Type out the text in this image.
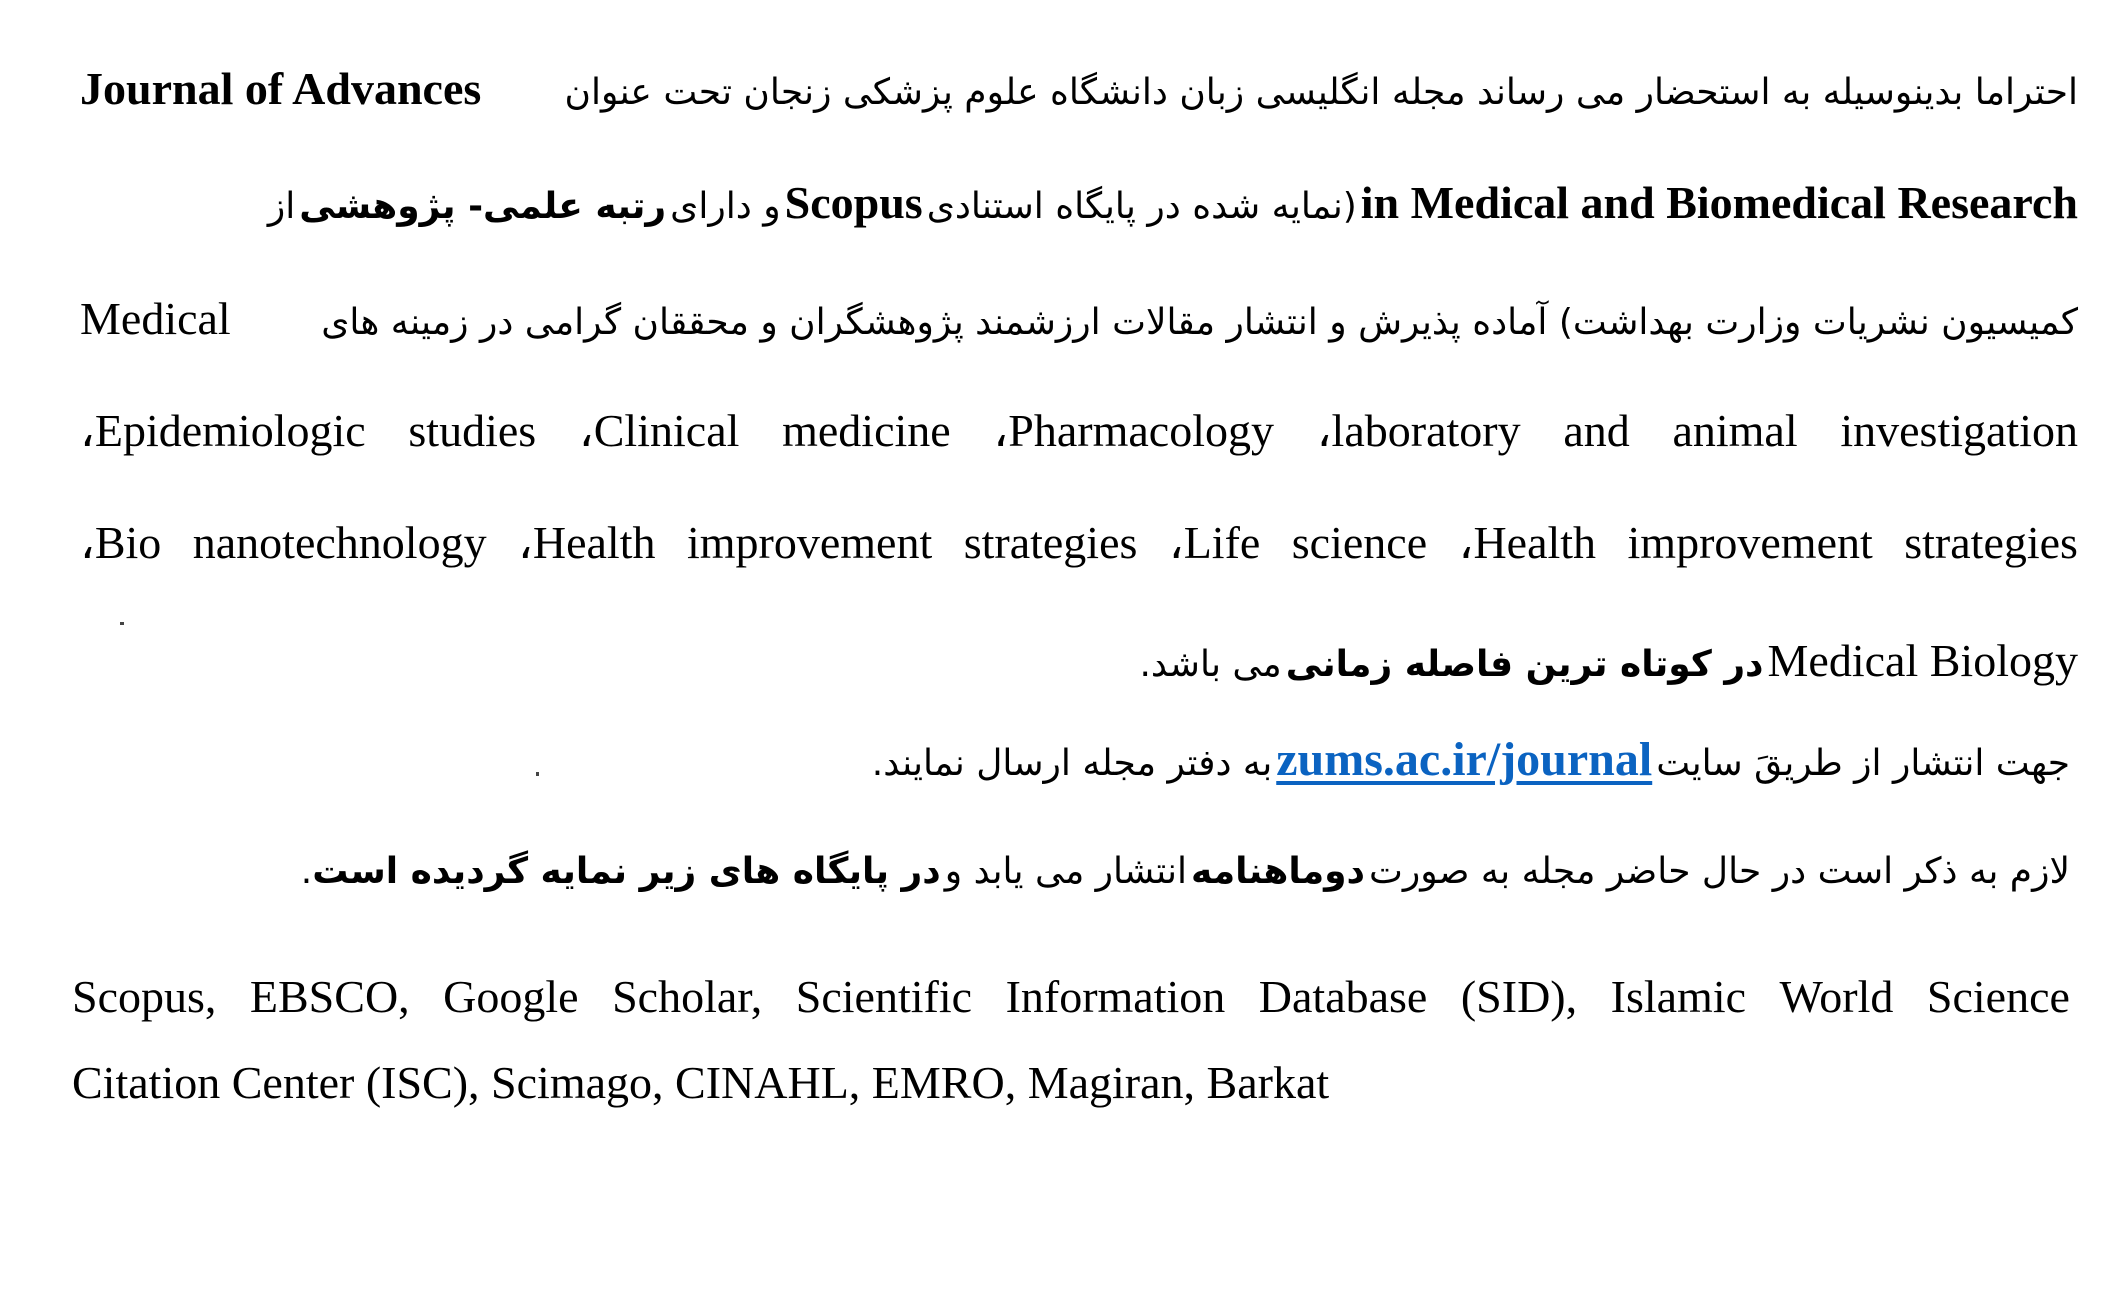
Journal of Advances احتراما بدینوسیله به استحضار می رساند مجله انگلیسی زبان دانشگاه علوم پزشکی زنجان تحت عنوان
in Medical and Biomedical Research (نمایه شده در پایگاه استنادی Scopus و دارای رتبه علمی- پژوهشی از
Medical	کمیسیون نشریات وزارت بهداشت) آماده پذیرش و انتشار مقالات ارزشمند پژوهشگران و محققان گرامی در زمینه های
،Epidemiologic studies ،Clinical medicine ،Pharmacology ،laboratory and animal investigation
،Bio nanotechnology ،Health improvement strategies ،Life science ،Health improvement strategies
Medical Biology در کوتاه ترین فاصله زمانی می باشد.
جهت انتشار از طریقَ سایت zums.ac.ir/journal به دفتر مجله ارسال نمایند.
لازم به ذکر است در حال حاضر مجله به صورت دوماهنامه انتشار می یابد و در پایگاه های زیر نمایه گردیده است.
Scopus, EBSCO, Google Scholar, Scientific Information Database (SID), Islamic World Science
Citation Center (ISC), Scimago, CINAHL, EMRO, Magiran, Barkat
